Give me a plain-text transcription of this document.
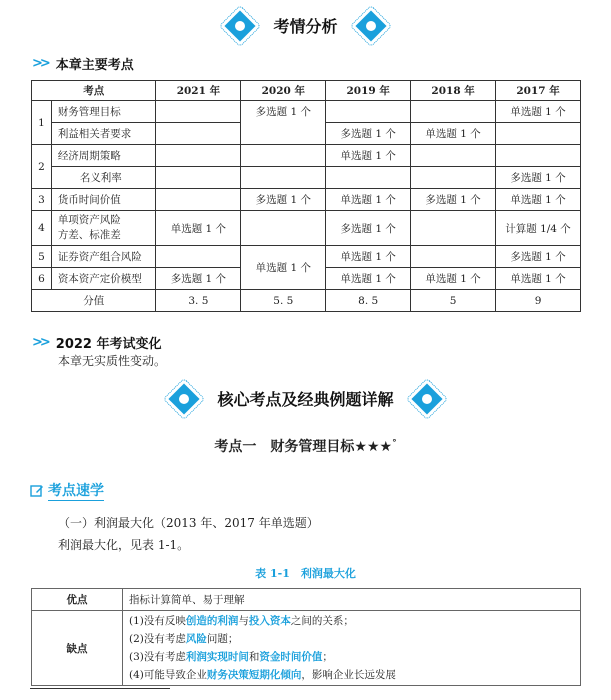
考情分析
>> 本章主要考点
考点		2021 年	2020 年	2019 年	2018 年	2017 年
1	财务管理目标		多选题 1 个			单选题 1 个
	利益相关者要求			多选题 1 个	单选题 1 个	
2	经济周期策略			单选题 1 个		
	名义利率					多选题 1 个
3	货币时间价值		多选题 1 个	单选题 1 个	多选题 1 个	单选题 1 个
4	单项资产风险
方差、标准差	单选题 1 个		多选题 1 个		计算题 1/4 个
5	证券资产组合风险		单选题 1 个	单选题 1 个		多选题 1 个
6	资本资产定价模型	多选题 1 个		单选题 1 个	单选题 1 个	单选题 1 个
分值		3. 5	5. 5	8. 5	5	9
>> 2022 年考试变化
本章无实质性变动。
核心考点及经典例题详解
考点一　财务管理目标★★★°
考点速学
（一）利润最大化（2013 年、2017 年单选题）
利润最大化，见表 1-1。
表 1-1　利润最大化
优点	指标计算简单、易于理解
缺点	(1)没有反映创造的利润与投入资本之间的关系；
(2)没有考虑风险问题；
(3)没有考虑利润实现时间和资金时间价值；
(4)可能导致企业财务决策短期化倾向，影响企业长远发展
